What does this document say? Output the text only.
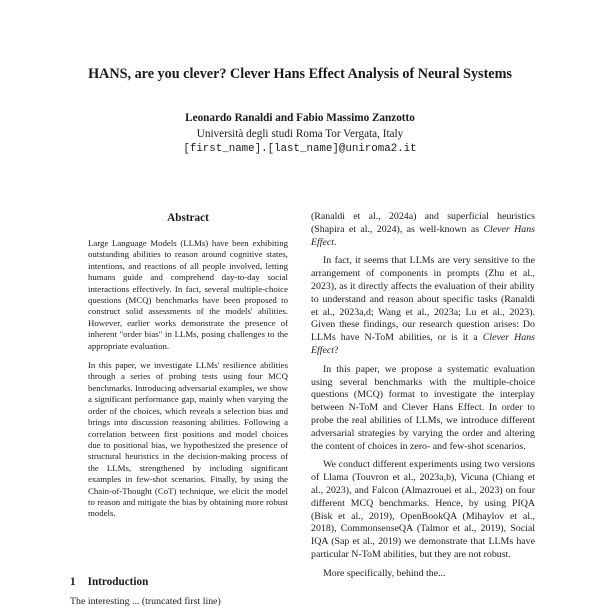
HANS, are you clever? Clever Hans Effect Analysis of Neural Systems
Leonardo Ranaldi and Fabio Massimo Zanzotto
Università degli studi Roma Tor Vergata, Italy
[first_name].[last_name]@uniroma2.it
Abstract

Large Language Models (LLMs) have been exhibiting outstanding abilities to reason around cognitive states, intentions, and reactions of all people involved, letting humans guide and comprehend day-to-day social interactions effectively. In fact, several multiple-choice questions (MCQ) benchmarks have been proposed to construct solid assessments of the models' abilities. However, earlier works demonstrate the presence of inherent "order bias" in LLMs, posing challenges to the appropriate evaluation.

In this paper, we investigate LLMs' resilience abilities through a series of probing tests using four MCQ benchmarks. Introducing adversarial examples, we show a significant performance gap, mainly when varying the order of the choices, which reveals a selection bias and brings into discussion reasoning abilities. Following a correlation between first positions and model choices due to positional bias, we hypothesized the presence of structural heuristics in the decision-making process of the LLMs, strengthened by including significant examples in few-shot scenarios. Finally, by using the Chain-of-Thought (CoT) technique, we elicit the model to reason and mitigate the bias by obtaining more robust models.

1 Introduction

(Ranaldi et al., 2024a) and superficial heuristics (Shapira et al., 2024), as well-known as Clever Hans Effect.

In fact, it seems that LLMs are very sensitive to the arrangement of components in prompts (Zhu et al., 2023), as it directly affects the evaluation of their ability to understand and reason about specific tasks (Ranaldi et al., 2023a,d; Wang et al., 2023a; Lu et al., 2023). Given these findings, our research question arises: Do LLMs have N-ToM abilities, or is it a Clever Hans Effect?

In this paper, we propose a systematic evaluation using several benchmarks with the multiple-choice questions (MCQ) format to investigate the interplay between N-ToM and Clever Hans Effect. In order to probe the real abilities of LLMs, we introduce different adversarial strategies by varying the order and altering the content of choices in zero- and few-shot scenarios.

We conduct different experiments using two versions of Llama (Touvron et al., 2023a,b), Vicuna (Chiang et al., 2023), and Falcon (Almazrouei et al., 2023) on four different MCQ benchmarks. Hence, by using PIQA (Bisk et al., 2019), OpenBookQA (Mihaylov et al., 2018), CommonsenseQA (Talmor et al., 2019), Social IQA (Sap et al., 2019) we demonstrate that LLMs have particular N-ToM abilities, but they are not robust.

More specifically, behind the...

The interesting ... (truncated first line)
